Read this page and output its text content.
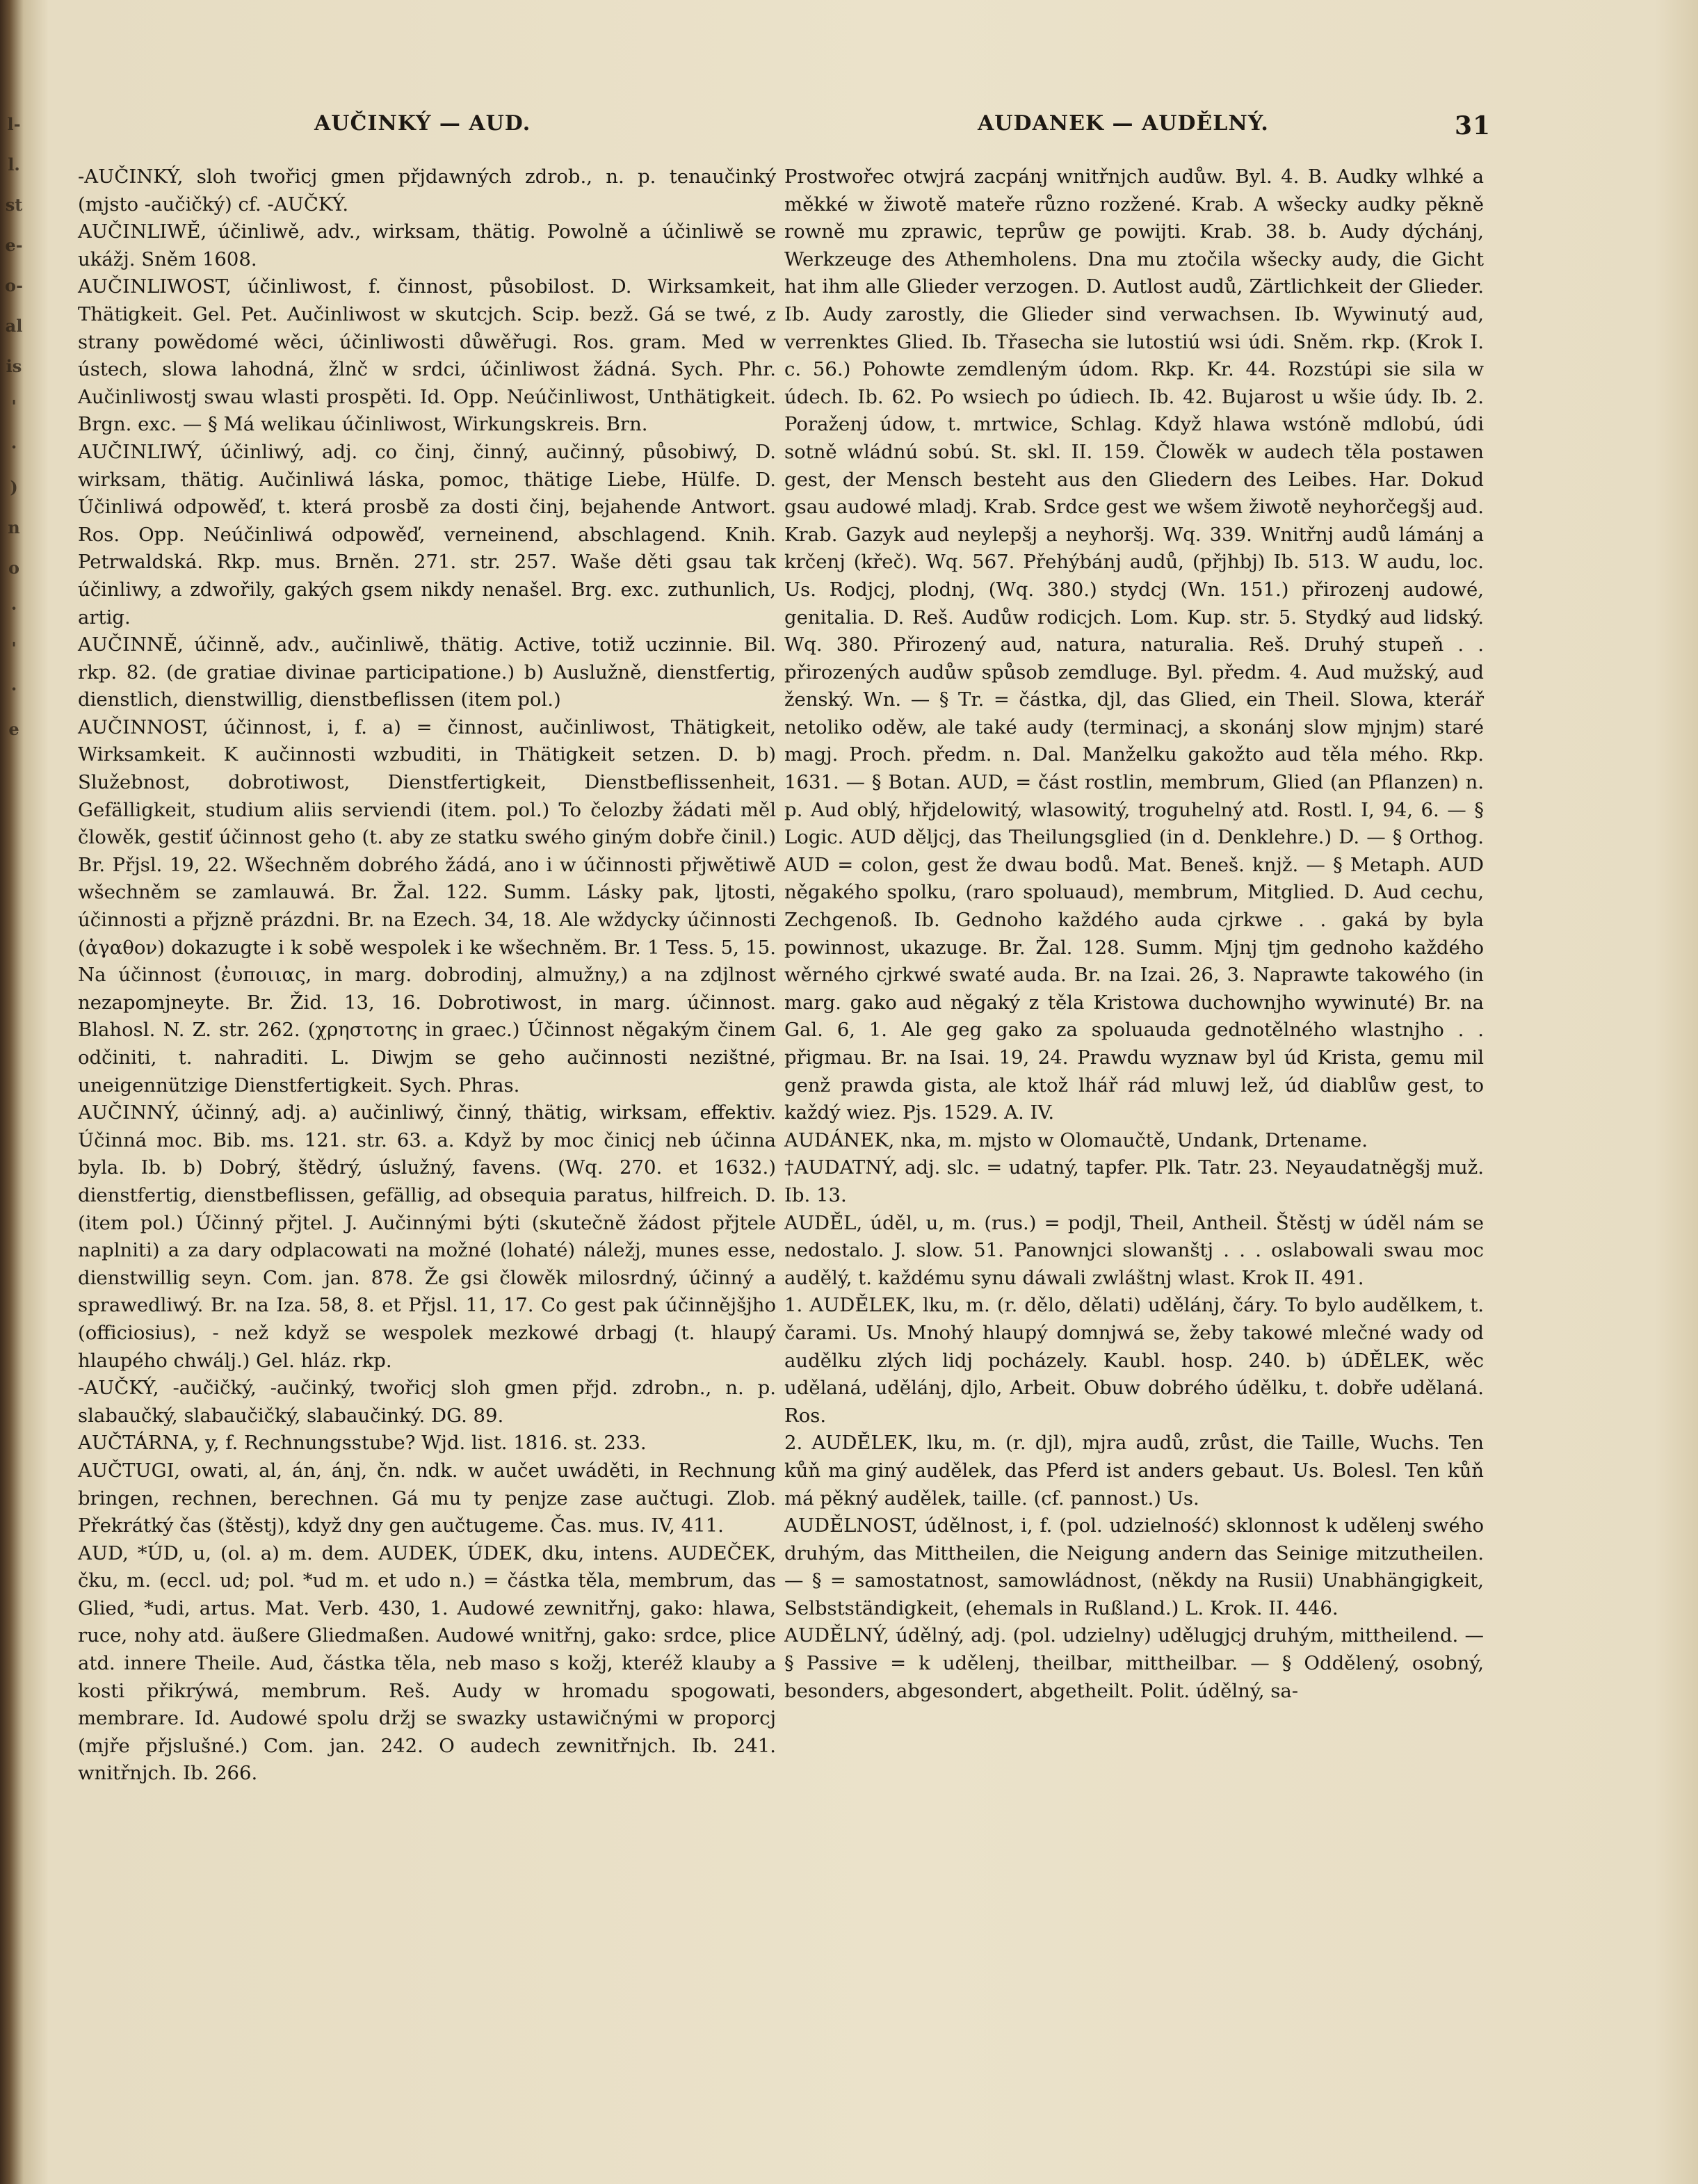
l-
l.
st
e-
o-
al
is
'
·
)
n
o
·
'
·
e
AUČINKÝ — AUD.	AUDANEK — AUDĚLNÝ.	31
-AUČINKÝ, sloh twořicj gmen přjdawných zdrob., n. p. tenaučinký (mjsto -aučičký) cf. -AUČKÝ.
AUČINLIWĚ, účinliwě, adv., wirksam, thätig. Powolně a účinliwě se ukážj. Sněm 1608.
AUČINLIWOST, účinliwost, f. činnost, působilost. D. Wirksamkeit, Thätigkeit. Gel. Pet. Aučinliwost w skutcjch. Scip. bezž. Gá se twé, z strany powědomé wěci, účinliwosti důwěřugi. Ros. gram. Med w ústech, slowa lahodná, žlnč w srdci, účinliwost žádná. Sych. Phr. Aučinliwostj swau wlasti prospěti. Id. Opp. Neúčinliwost, Unthätigkeit. Brgn. exc. — § Má welikau účinliwost, Wirkungskreis. Brn.
AUČINLIWÝ, účinliwý, adj. co činj, činný, aučinný, působiwý, D. wirksam, thätig. Aučinliwá láska, pomoc, thätige Liebe, Hülfe. D. Účinliwá odpowěď, t. která prosbě za dosti činj, bejahende Antwort. Ros. Opp. Neúčinliwá odpowěď, verneinend, abschlagend. Knih. Petrwaldská. Rkp. mus. Brněn. 271. str. 257. Waše děti gsau tak účinliwy, a zdwořily, gakých gsem nikdy nenašel. Brg. exc. zuthunlich, artig.
AUČINNĚ, účinně, adv., aučinliwě, thätig. Active, totiž uczinnie. Bil. rkp. 82. (de gratiae divinae participatione.) b) Auslužně, dienstfertig, dienstlich, dienstwillig, dienstbeflissen (item pol.)
AUČINNOST, účinnost, i, f. a) = činnost, aučinliwost, Thätigkeit, Wirksamkeit. K aučinnosti wzbuditi, in Thätigkeit setzen. D. b) Služebnost, dobrotiwost, Dienstfertigkeit, Dienstbeflissenheit, Gefälligkeit, studium aliis serviendi (item. pol.) To čelozby žádati měl člowěk, gestiť účinnost geho (t. aby ze statku swého giným dobře činil.) Br. Přjsl. 19, 22. Wšechněm dobrého žádá, ano i w účinnosti přjwětiwě wšechněm se zamlauwá. Br. Žal. 122. Summ. Lásky pak, ljtosti, účinnosti a přjzně prázdni. Br. na Ezech. 34, 18. Ale wždycky účinnosti (ἀγαθον) dokazugte i k sobě wespolek i ke wšechněm. Br. 1 Tess. 5, 15. Na účinnost (ἐυποιιας, in marg. dobrodinj, almužny,) a na zdjlnost nezapomjneyte. Br. Žid. 13, 16. Dobrotiwost, in marg. účinnost. Blahosl. N. Z. str. 262. (χρηστοτης in graec.) Účinnost něgakým činem odčiniti, t. nahraditi. L. Diwjm se geho aučinnosti nezištné, uneigennützige Dienstfertigkeit. Sych. Phras.
AUČINNÝ, účinný, adj. a) aučinliwý, činný, thätig, wirksam, effektiv. Účinná moc. Bib. ms. 121. str. 63. a. Když by moc činicj neb účinna byla. Ib. b) Dobrý, štědrý, úslužný, favens. (Wq. 270. et 1632.) dienstfertig, dienstbeflissen, gefällig, ad obsequia paratus, hilfreich. D. (item pol.) Účinný přjtel. J. Aučinnými býti (skutečně žádost přjtele naplniti) a za dary odplacowati na možné (lohaté) náležj, munes esse, dienstwillig seyn. Com. jan. 878. Že gsi člowěk milosrdný, účinný a sprawedliwý. Br. na Iza. 58, 8. et Přjsl. 11, 17. Co gest pak účinnějšjho (officiosius), - než když se wespolek mezkowé drbagj (t. hlaupý hlaupého chwálj.) Gel. hláz. rkp.
-AUČKÝ, -aučičký, -aučinký, twořicj sloh gmen přjd. zdrobn., n. p. slabaučký, slabaučičký, slabaučinký. DG. 89.
AUČTÁRNA, y, f. Rechnungsstube? Wjd. list. 1816. st. 233.
AUČTUGI, owati, al, án, ánj, čn. ndk. w aučet uwáděti, in Rechnung bringen, rechnen, berechnen. Gá mu ty penjze zase aučtugi. Zlob. Překrátký čas (štěstj), když dny gen aučtugeme. Čas. mus. IV, 411.
AUD, *ÚD, u, (ol. a) m. dem. AUDEK, ÚDEK, dku, intens. AUDEČEK, čku, m. (eccl. ud; pol. *ud m. et udo n.) = částka těla, membrum, das Glied, *udi, artus. Mat. Verb. 430, 1. Audowé zewnitřnj, gako: hlawa, ruce, nohy atd. äußere Gliedmaßen. Audowé wnitřnj, gako: srdce, plice atd. innere Theile. Aud, částka těla, neb maso s kožj, kteréž klauby a kosti přikrýwá, membrum. Reš. Audy w hromadu spogowati, membrare. Id. Audowé spolu držj se swazky ustawičnými w proporcj (mjře přjslušné.) Com. jan. 242. O audech zewnitřnjch. Ib. 241. wnitřnjch. Ib. 266.
Prostwořec otwjrá zacpánj wnitřnjch audůw. Byl. 4. B. Audky wlhké a měkké w žiwotě mateře různo rozžené. Krab. A wšecky audky pěkně rowně mu zprawic, teprůw ge powijti. Krab. 38. b. Audy dýchánj, Werkzeuge des Athemholens. Dna mu ztočila wšecky audy, die Gicht hat ihm alle Glieder verzogen. D. Autlost audů, Zärtlichkeit der Glieder. Ib. Audy zarostly, die Glieder sind verwachsen. Ib. Wywinutý aud, verrenktes Glied. Ib. Třasecha sie lutostiú wsi údi. Sněm. rkp. (Krok I. c. 56.) Pohowte zemdleným údom. Rkp. Kr. 44. Rozstúpi sie sila w údech. Ib. 62. Po wsiech po údiech. Ib. 42. Bujarost u wšie údy. Ib. 2. Poraženj údow, t. mrtwice, Schlag. Když hlawa wstóně mdlobú, údi sotně wládnú sobú. St. skl. II. 159. Člowěk w audech těla postawen gest, der Mensch besteht aus den Gliedern des Leibes. Har. Dokud gsau audowé mladj. Krab. Srdce gest we wšem žiwotě neyhorčegšj aud. Krab. Gazyk aud neylepšj a neyhoršj. Wq. 339. Wnitřnj audů lámánj a krčenj (křeč). Wq. 567. Přehýbánj audů, (přjhbj) Ib. 513. W audu, loc. Us. Rodjcj, plodnj, (Wq. 380.) stydcj (Wn. 151.) přirozenj audowé, genitalia. D. Reš. Audůw rodicjch. Lom. Kup. str. 5. Stydký aud lidský. Wq. 380. Přirozený aud, natura, naturalia. Reš. Druhý stupeň . . přirozených audůw spůsob zemdluge. Byl. předm. 4. Aud mužský, aud ženský. Wn. — § Tr. = částka, djl, das Glied, ein Theil. Slowa, kterář netoliko oděw, ale také audy (terminacj, a skonánj slow mjnjm) staré magj. Proch. předm. n. Dal. Manželku gakožto aud těla mého. Rkp. 1631. — § Botan. AUD, = část rostlin, membrum, Glied (an Pflanzen) n. p. Aud oblý, hřjdelowitý, wlasowitý, troguhelný atd. Rostl. I, 94, 6. — § Logic. AUD děljcj, das Theilungsglied (in d. Denklehre.) D. — § Orthog. AUD = colon, gest že dwau bodů. Mat. Beneš. knjž. — § Metaph. AUD něgakého spolku, (raro spoluaud), membrum, Mitglied. D. Aud cechu, Zechgenoß. Ib. Gednoho každého auda cjrkwe . . gaká by byla powinnost, ukazuge. Br. Žal. 128. Summ. Mjnj tjm gednoho každého wěrného cjrkwé swaté auda. Br. na Izai. 26, 3. Naprawte takowého (in marg. gako aud něgaký z těla Kristowa duchownjho wywinuté) Br. na Gal. 6, 1. Ale geg gako za spoluauda gednotělného wlastnjho . . přigmau. Br. na Isai. 19, 24. Prawdu wyznaw byl úd Krista, gemu mil genž prawda gista, ale ktož lhář rád mluwj lež, úd diablůw gest, to každý wiez. Pjs. 1529. A. IV.
AUDÁNEK, nka, m. mjsto w Olomaučtě, Undank, Drtename.
†AUDATNÝ, adj. slc. = udatný, tapfer. Plk. Tatr. 23. Neyaudatněgšj muž. Ib. 13.
AUDĚL, úděl, u, m. (rus.) = podjl, Theil, Antheil. Štěstj w úděl nám se nedostalo. J. slow. 51. Panownjci slowanštj . . . oslabowali swau moc audělý, t. každému synu dáwali zwláštnj wlast. Krok II. 491.
1. AUDĚLEK, lku, m. (r. dělo, dělati) udělánj, čáry. To bylo audělkem, t. čarami. Us. Mnohý hlaupý domnjwá se, žeby takowé mlečné wady od audělku zlých lidj pocházely. Kaubl. hosp. 240. b) úDĚLEK, wěc udělaná, udělánj, djlo, Arbeit. Obuw dobrého údělku, t. dobře udělaná. Ros.
2. AUDĚLEK, lku, m. (r. djl), mjra audů, zrůst, die Taille, Wuchs. Ten kůň ma giný audělek, das Pferd ist anders gebaut. Us. Bolesl. Ten kůň má pěkný audělek, taille. (cf. pannost.) Us.
AUDĚLNOST, údělnost, i, f. (pol. udzielność) sklonnost k udělenj swého druhým, das Mittheilen, die Neigung andern das Seinige mitzutheilen. — § = samostatnost, samowládnost, (někdy na Rusii) Unabhängigkeit, Selbstständigkeit, (ehemals in Rußland.) L. Krok. II. 446.
AUDĚLNÝ, údělný, adj. (pol. udzielny) udělugjcj druhým, mittheilend. — § Passive = k udělenj, theilbar, mittheilbar. — § Oddělený, osobný, besonders, abgesondert, abgetheilt. Polit. údělný, sa-
